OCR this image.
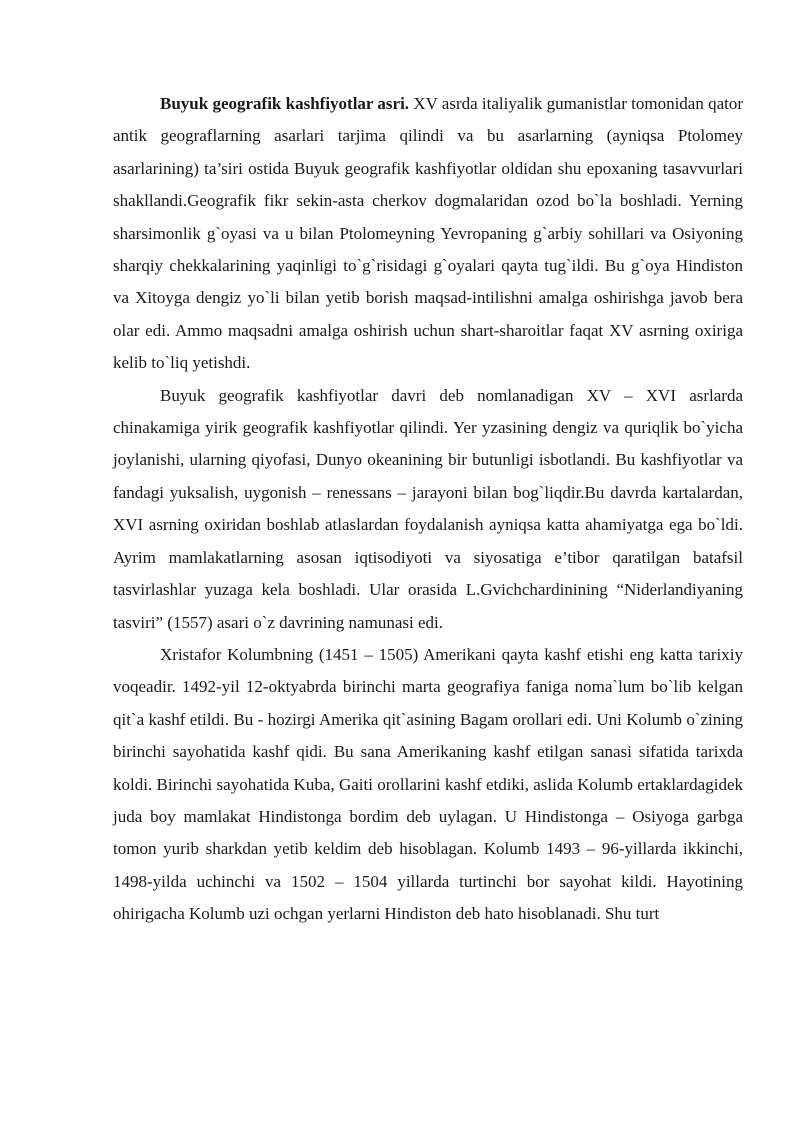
Buyuk geografik kashfiyotlar asri. XV asrda italiyalik gumanistlar tomonidan qator antik geograflarning asarlari tarjima qilindi va bu asarlarning (ayniqsa Ptolomey asarlarining) ta’siri ostida Buyuk geografik kashfiyotlar oldidan shu epoxaning tasavvurlari shakllandi.Geografik fikr sekin-asta cherkov dogmalaridan ozod bo`la boshladi. Yerning sharsimonlik g`oyasi va u bilan Ptolomeyning Yevropaning g`arbiy sohillari va Osiyoning sharqiy chekkalarining yaqinligi to`g`risidagi g`oyalari qayta tug`ildi. Bu g`oya Hindiston va Xitoyga dengiz yo`li bilan yetib borish maqsad-intilishni amalga oshirishga javob bera olar edi. Ammo maqsadni amalga oshirish uchun shart-sharoitlar faqat XV asrning oxiriga kelib to`liq yetishdi.

Buyuk geografik kashfiyotlar davri deb nomlanadigan XV – XVI asrlarda chinakamiga yirik geografik kashfiyotlar qilindi. Yer yzasining dengiz va quriqlik bo`yicha joylanishi, ularning qiyofasi, Dunyo okeanining bir butunligi isbotlandi. Bu kashfiyotlar va fandagi yuksalish, uygonish – renessans – jarayoni bilan bog`liqdir.Bu davrda kartalardan, XVI asrning oxiridan boshlab atlaslardan foydalanish ayniqsa katta ahamiyatga ega bo`ldi. Ayrim mamlakatlarning asosan iqtisodiyoti va siyosatiga e’tibor qaratilgan batafsil tasvirlashlar yuzaga kela boshladi. Ular orasida L.Gvichchardinining “Niderlandiyaning tasviri” (1557) asari o`z davrining namunasi edi.

Xristafor Kolumbning (1451 – 1505) Amerikani qayta kashf etishi eng katta tarixiy voqeadir. 1492-yil 12-oktyabrda birinchi marta geografiya faniga noma`lum bo`lib kelgan qit`a kashf etildi. Bu - hozirgi Amerika qit`asining Bagam orollari edi. Uni Kolumb o`zining birinchi sayohatida kashf qidi. Bu sana Amerikaning kashf etilgan sanasi sifatida tarixda koldi. Birinchi sayohatida Kuba, Gaiti orollarini kashf etdiki, aslida Kolumb ertaklardagidek juda boy mamlakat Hindistonga bordim deb uylagan. U Hindistonga – Osiyoga garbga tomon yurib sharkdan yetib keldim deb hisoblagan. Kolumb 1493 – 96-yillarda ikkinchi, 1498-yilda uchinchi va 1502 – 1504 yillarda turtinchi bor sayohat kildi. Hayotining ohirigacha Kolumb uzi ochgan yerlarni Hindiston deb hato hisoblanadi. Shu turt
